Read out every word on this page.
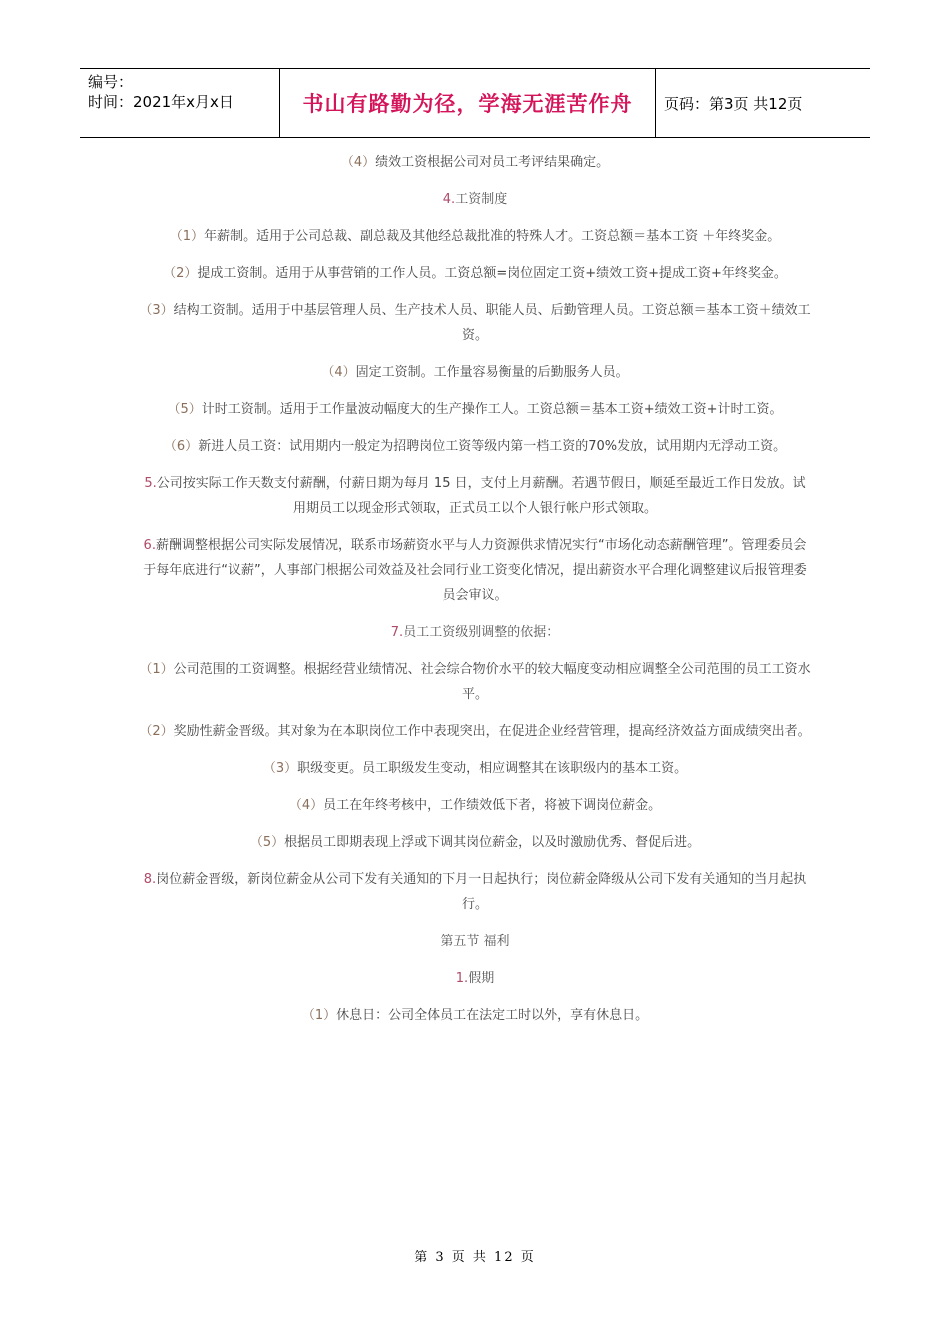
编号：
时间：2021年x月x日	书山有路勤为径，学海无涯苦作舟	页码：第3页 共12页

（4）绩效工资根据公司对员工考评结果确定。

4.工资制度

（1）年薪制。适用于公司总裁、副总裁及其他经总裁批准的特殊人才。工资总额＝基本工资 ＋年终奖金。

（2）提成工资制。适用于从事营销的工作人员。工资总额=岗位固定工资+绩效工资+提成工资+年终奖金。

（3）结构工资制。适用于中基层管理人员、生产技术人员、职能人员、后勤管理人员。工资总额＝基本工资＋绩效工资。

（4）固定工资制。工作量容易衡量的后勤服务人员。

（5）计时工资制。适用于工作量波动幅度大的生产操作工人。工资总额＝基本工资+绩效工资+计时工资。

（6）新进人员工资：试用期内一般定为招聘岗位工资等级内第一档工资的70%发放，试用期内无浮动工资。

5.公司按实际工作天数支付薪酬，付薪日期为每月 15 日，支付上月薪酬。若遇节假日，顺延至最近工作日发放。试用期员工以现金形式领取，正式员工以个人银行帐户形式领取。

6.薪酬调整根据公司实际发展情况，联系市场薪资水平与人力资源供求情况实行“市场化动态薪酬管理”。管理委员会于每年底进行“议薪”，人事部门根据公司效益及社会同行业工资变化情况，提出薪资水平合理化调整建议后报管理委员会审议。

7.员工工资级别调整的依据：

（1）公司范围的工资调整。根据经营业绩情况、社会综合物价水平的较大幅度变动相应调整全公司范围的员工工资水平。

（2）奖励性薪金晋级。其对象为在本职岗位工作中表现突出，在促进企业经营管理，提高经济效益方面成绩突出者。

（3）职级变更。员工职级发生变动，相应调整其在该职级内的基本工资。

（4）员工在年终考核中，工作绩效低下者，将被下调岗位薪金。

（5）根据员工即期表现上浮或下调其岗位薪金，以及时激励优秀、督促后进。

8.岗位薪金晋级，新岗位薪金从公司下发有关通知的下月一日起执行；岗位薪金降级从公司下发有关通知的当月起执行。

第五节 福利

1.假期

（1）休息日：公司全体员工在法定工时以外，享有休息日。

第 3 页 共 12 页
